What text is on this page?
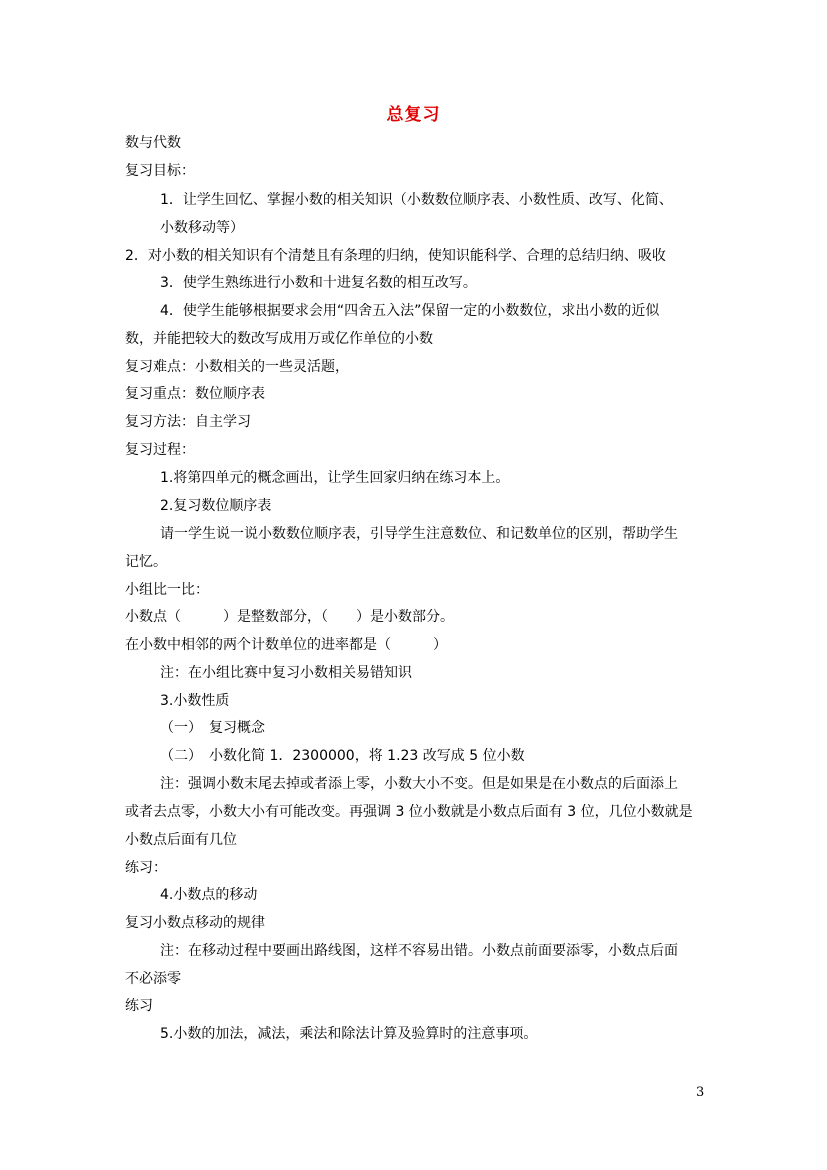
总复习
数与代数
复习目标：
1．让学生回忆、掌握小数的相关知识（小数数位顺序表、小数性质、改写、化简、
小数移动等）
2．对小数的相关知识有个清楚且有条理的归纳，使知识能科学、合理的总结归纳、吸收
3．使学生熟练进行小数和十进复名数的相互改写。
4．使学生能够根据要求会用“四舍五入法”保留一定的小数数位，求出小数的近似
数，并能把较大的数改写成用万或亿作单位的小数
复习难点：小数相关的一些灵活题，
复习重点：数位顺序表
复习方法：自主学习
复习过程：
1.将第四单元的概念画出，让学生回家归纳在练习本上。
2.复习数位顺序表
请一学生说一说小数数位顺序表，引导学生注意数位、和记数单位的区别，帮助学生
记忆。
小组比一比：
小数点（　　　）是整数部分，（　　）是小数部分。
在小数中相邻的两个计数单位的进率都是（　　　）
注：在小组比赛中复习小数相关易错知识
3.小数性质
（一）　复习概念
（二）　小数化简 1．2300000，将 1.23 改写成 5 位小数
注：强调小数末尾去掉或者添上零，小数大小不变。但是如果是在小数点的后面添上
或者去点零，小数大小有可能改变。再强调 3 位小数就是小数点后面有 3 位，几位小数就是
小数点后面有几位
练习：
4.小数点的移动
复习小数点移动的规律
注：在移动过程中要画出路线图，这样不容易出错。小数点前面要添零，小数点后面
不必添零
练习
5.小数的加法，减法，乘法和除法计算及验算时的注意事项。
3
